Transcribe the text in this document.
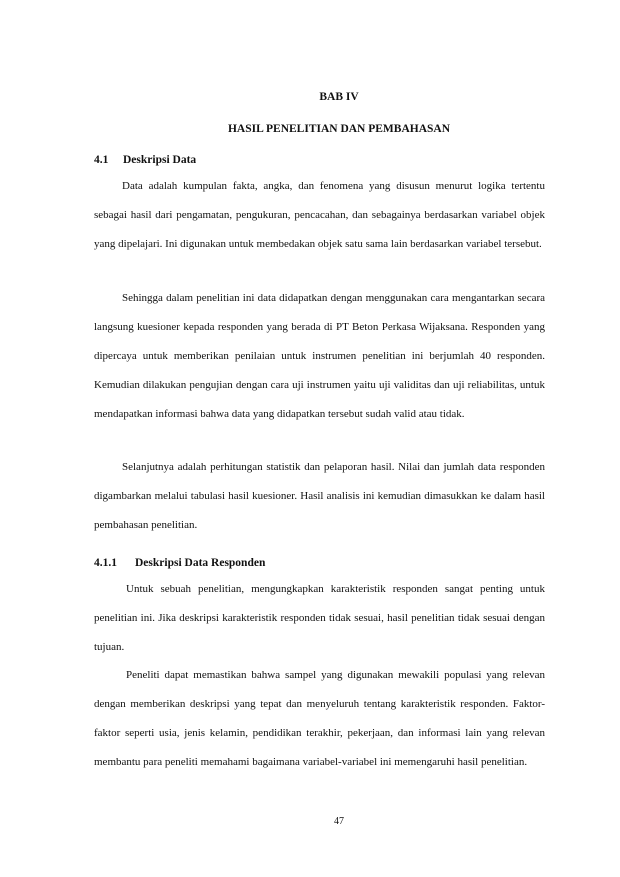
BAB IV
HASIL PENELITIAN DAN PEMBAHASAN
4.1 Deskripsi Data

Data adalah kumpulan fakta, angka, dan fenomena yang disusun menurut logika tertentu sebagai hasil dari pengamatan, pengukuran, pencacahan, dan sebagainya berdasarkan variabel objek yang dipelajari. Ini digunakan untuk membedakan objek satu sama lain berdasarkan variabel tersebut.

Sehingga dalam penelitian ini data didapatkan dengan menggunakan cara mengantarkan secara langsung kuesioner kepada responden yang berada di PT Beton Perkasa Wijaksana. Responden yang dipercaya untuk memberikan penilaian untuk instrumen penelitian ini berjumlah 40 responden. Kemudian dilakukan pengujian dengan cara uji instrumen yaitu uji validitas dan uji reliabilitas, untuk mendapatkan informasi bahwa data yang didapatkan tersebut sudah valid atau tidak.

Selanjutnya adalah perhitungan statistik dan pelaporan hasil. Nilai dan jumlah data responden digambarkan melalui tabulasi hasil kuesioner. Hasil analisis ini kemudian dimasukkan ke dalam hasil pembahasan penelitian.

4.1.1 Deskripsi Data Responden

Untuk sebuah penelitian, mengungkapkan karakteristik responden sangat penting untuk penelitian ini. Jika deskripsi karakteristik responden tidak sesuai, hasil penelitian tidak sesuai dengan tujuan.

Peneliti dapat memastikan bahwa sampel yang digunakan mewakili populasi yang relevan dengan memberikan deskripsi yang tepat dan menyeluruh tentang karakteristik responden. Faktor-faktor seperti usia, jenis kelamin, pendidikan terakhir, pekerjaan, dan informasi lain yang relevan membantu para peneliti memahami bagaimana variabel-variabel ini memengaruhi hasil penelitian.

47
